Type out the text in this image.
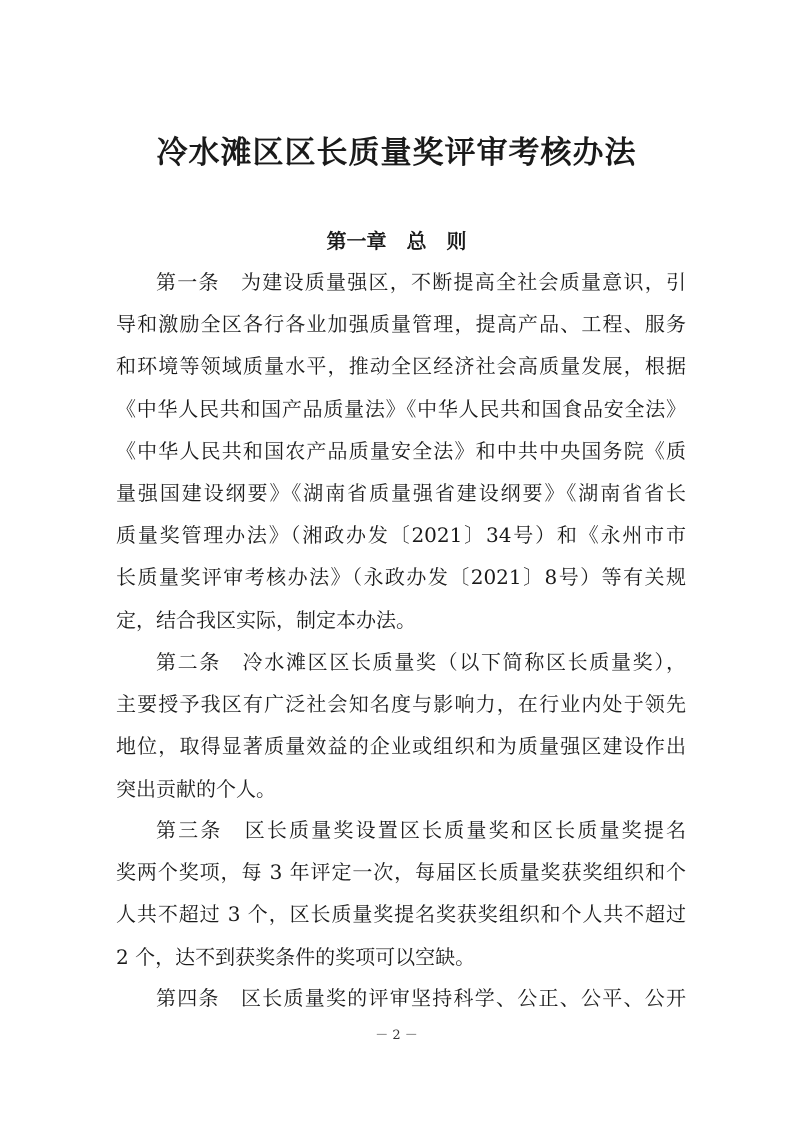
冷水滩区区长质量奖评审考核办法
第一章　总　则
第一条 为建设质量强区，不断提高全社会质量意识，引
导和激励全区各行各业加强质量管理，提高产品、工程、服务
和环境等领域质量水平，推动全区经济社会高质量发展，根据
《中华人民共和国产品质量法》《中华人民共和国食品安全法》
《中华人民共和国农产品质量安全法》和中共中央国务院《质
量强国建设纲要》《湖南省质量强省建设纲要》《湖南省省长
质量奖管理办法》（湘政办发〔2021〕34号）和《永州市市
长质量奖评审考核办法》（永政办发〔2021〕8号）等有关规
定，结合我区实际，制定本办法。
第二条 冷水滩区区长质量奖（以下简称区长质量奖），
主要授予我区有广泛社会知名度与影响力，在行业内处于领先
地位，取得显著质量效益的企业或组织和为质量强区建设作出
突出贡献的个人。
第三条 区长质量奖设置区长质量奖和区长质量奖提名
奖两个奖项，每 3 年评定一次，每届区长质量奖获奖组织和个
人共不超过 3 个，区长质量奖提名奖获奖组织和个人共不超过
2 个，达不到获奖条件的奖项可以空缺。
第四条 区长质量奖的评审坚持科学、公正、公平、公开
－ 2 －
